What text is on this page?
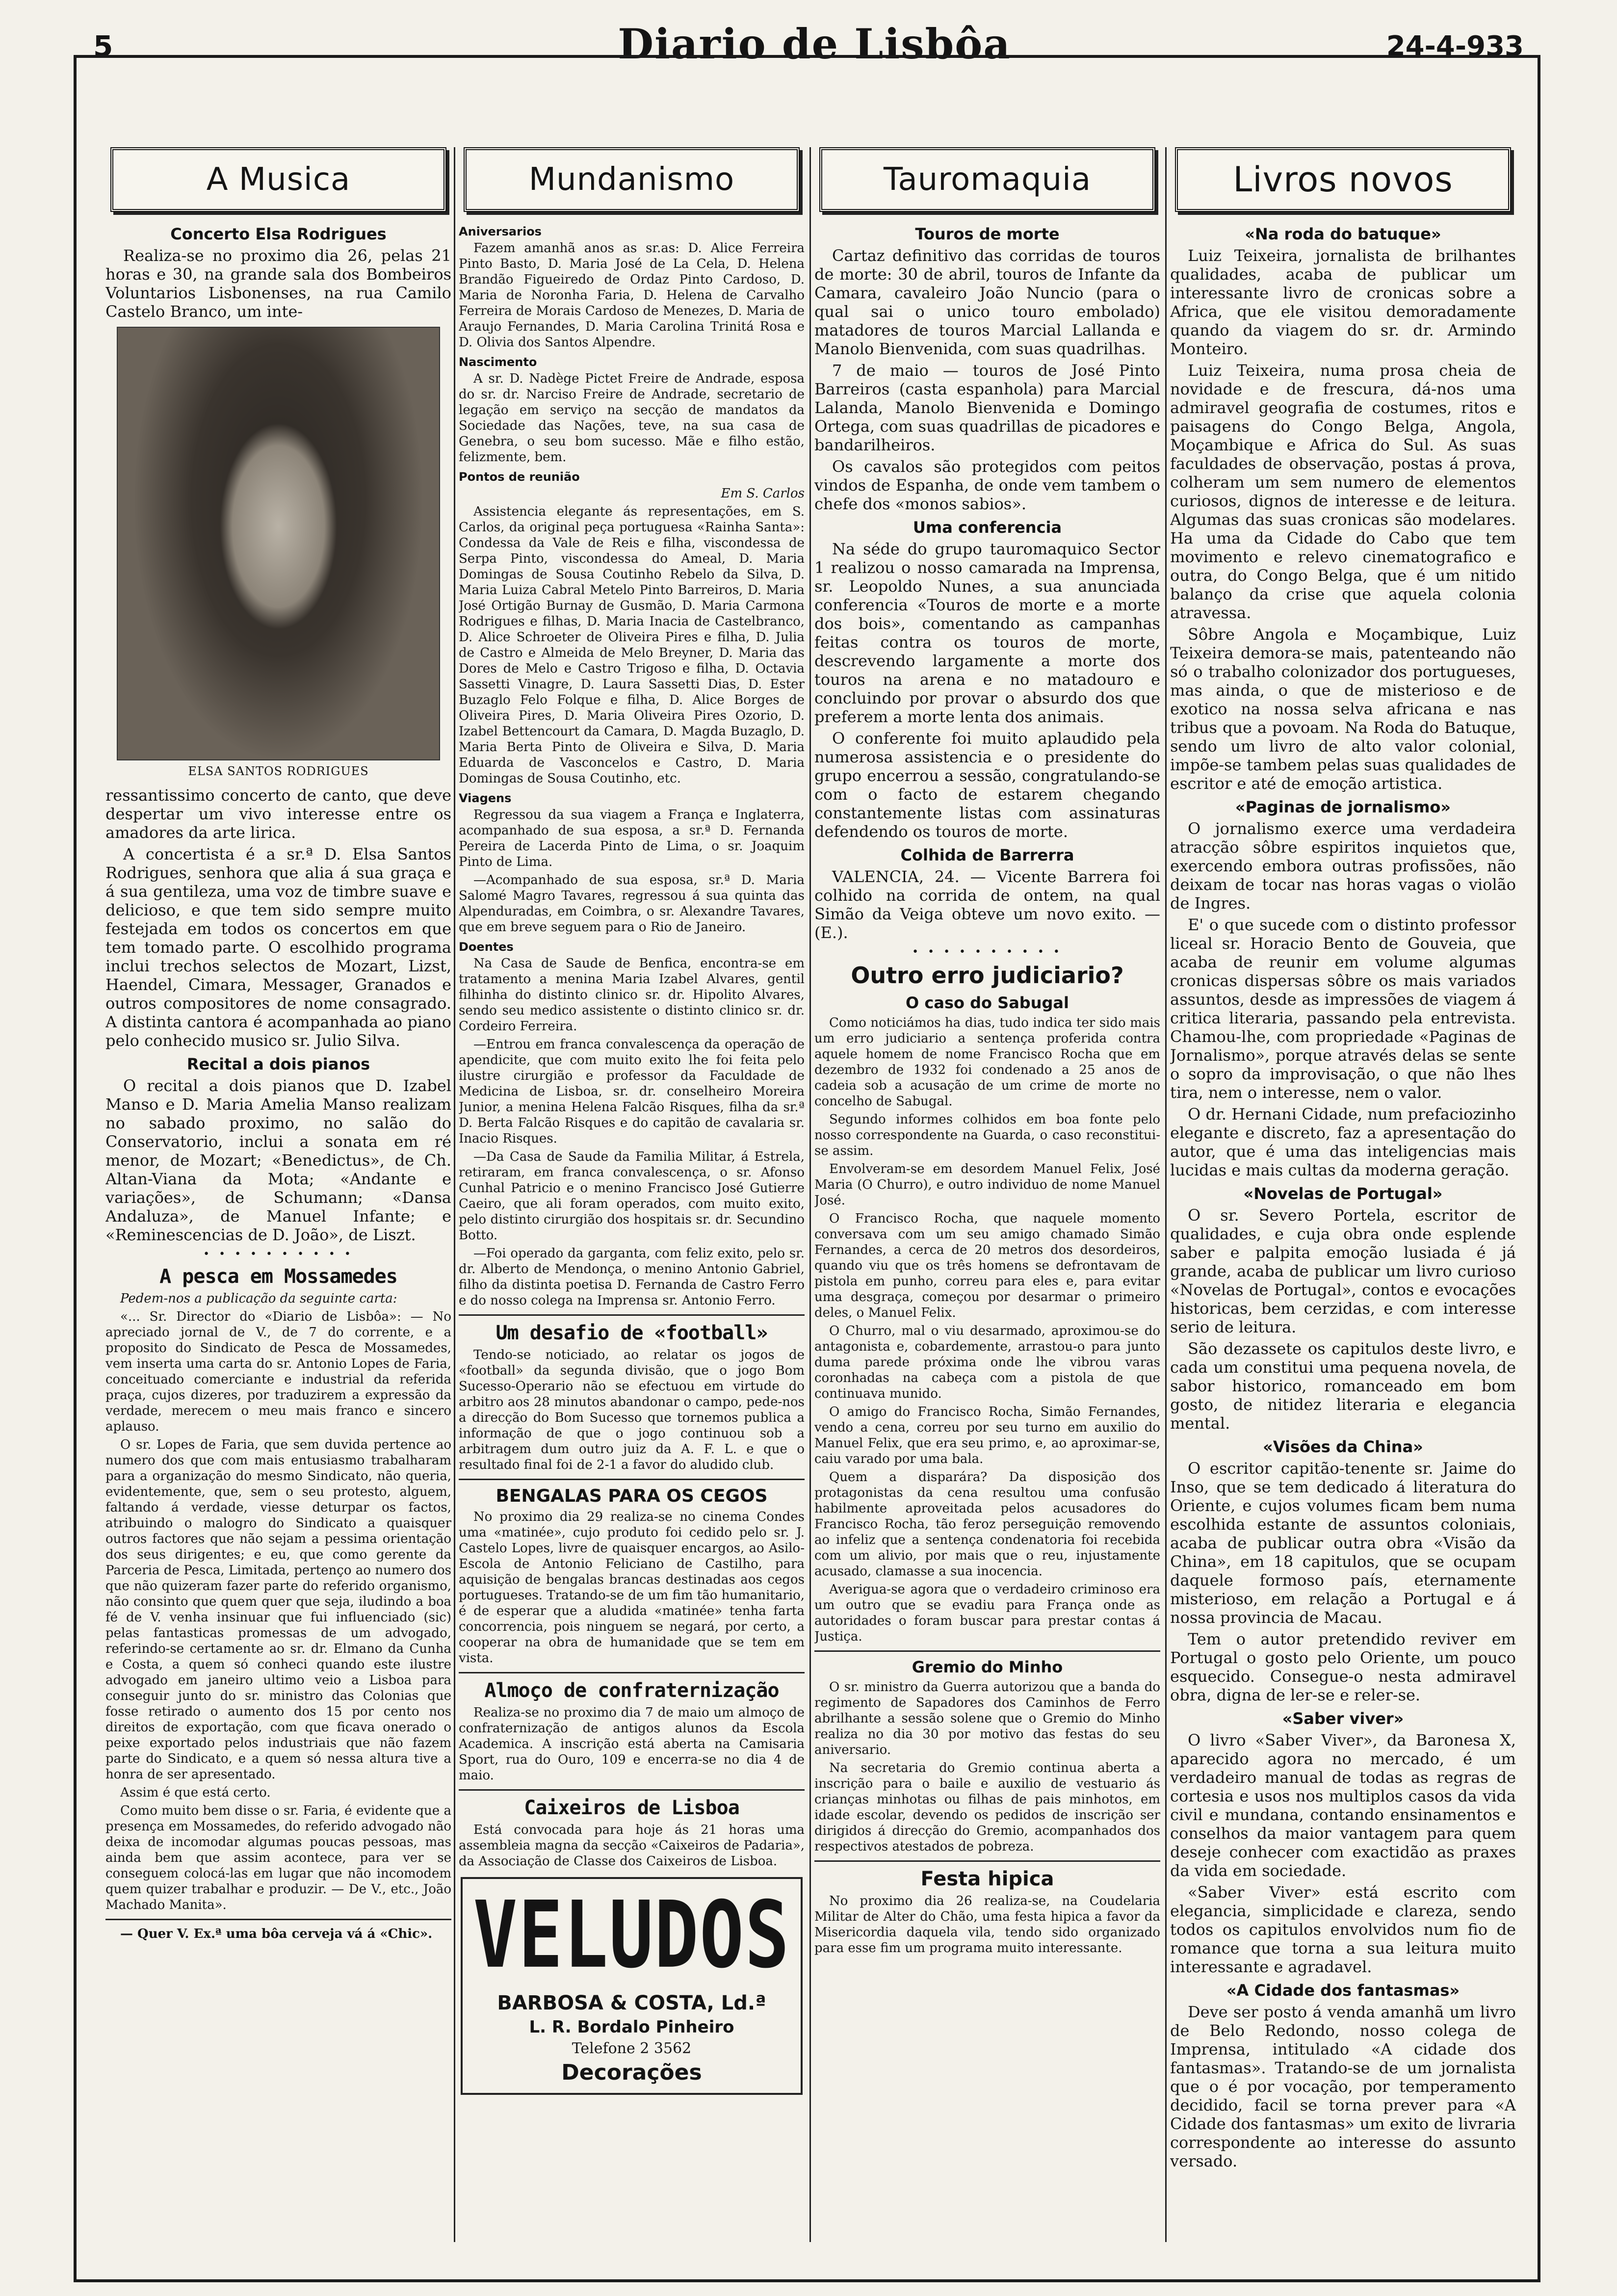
5	Diario de Lisbôa	24-4-933
A Musica
Concerto Elsa Rodrigues

Realiza-se no proximo dia 26, pelas 21 horas e 30, na grande sala dos Bombeiros Voluntarios Lisbonenses, na rua Camilo Castelo Branco, um inte-

ELSA SANTOS RODRIGUES

ressantissimo concerto de canto, que deve despertar um vivo interesse entre os amadores da arte lirica.

A concertista é a sr.ª D. Elsa Santos Rodrigues, senhora que alia á sua graça e á sua gentileza, uma voz de timbre suave e delicioso, e que tem sido sempre muito festejada em todos os concertos em que tem tomado parte. O escolhido programa inclui trechos selectos de Mozart, Lizst, Haendel, Cimara, Messager, Granados e outros compositores de nome consagrado. A distinta cantora é acompanhada ao piano pelo conhecido musico sr. Julio Silva.

Recital a dois pianos

O recital a dois pianos que D. Izabel Manso e D. Maria Amelia Manso realizam no sabado proximo, no salão do Conservatorio, inclui a sonata em ré menor, de Mozart; «Benedictus», de Ch. Altan-Viana da Mota; «Andante e variações», de Schumann; «Dansa Andaluza», de Manuel Infante; e «Reminescencias de D. João», de Liszt.

• • • • • • • • • •
A pesca em Mossamedes

Pedem-nos a publicação da seguinte carta:

«... Sr. Director do «Diario de Lisbôa»: — No apreciado jornal de V., de 7 do corrente, e a proposito do Sindicato de Pesca de Mossamedes, vem inserta uma carta do sr. Antonio Lopes de Faria, conceituado comerciante e industrial da referida praça, cujos dizeres, por traduzirem a expressão da verdade, merecem o meu mais franco e sincero aplauso.

O sr. Lopes de Faria, que sem duvida pertence ao numero dos que com mais entusiasmo trabalharam para a organização do mesmo Sindicato, não queria, evidentemente, que, sem o seu protesto, alguem, faltando á verdade, viesse deturpar os factos, atribuindo o malogro do Sindicato a quaisquer outros factores que não sejam a pessima orientação dos seus dirigentes; e eu, que como gerente da Parceria de Pesca, Limitada, pertenço ao numero dos que não quizeram fazer parte do referido organismo, não consinto que quem quer que seja, iludindo a boa fé de V. venha insinuar que fui influenciado (sic) pelas fantasticas promessas de um advogado, referindo-se certamente ao sr. dr. Elmano da Cunha e Costa, a quem só conheci quando este ilustre advogado em janeiro ultimo veio a Lisboa para conseguir junto do sr. ministro das Colonias que fosse retirado o aumento dos 15 por cento nos direitos de exportação, com que ficava onerado o peixe exportado pelos industriais que não fazem parte do Sindicato, e a quem só nessa altura tive a honra de ser apresentado.

Assim é que está certo.

Como muito bem disse o sr. Faria, é evidente que a presença em Mossamedes, do referido advogado não deixa de incomodar algumas poucas pessoas, mas ainda bem que assim acontece, para ver se conseguem colocá-las em lugar que não incomodem quem quizer trabalhar e produzir. — De V., etc., João Machado Manita».

— Quer V. Ex.ª uma bôa cerveja vá á «Chic».

Mundanismo
Aniversarios

Fazem amanhã anos as sr.as: D. Alice Ferreira Pinto Basto, D. Maria José de La Cela, D. Helena Brandão Figueiredo de Ordaz Pinto Cardoso, D. Maria de Noronha Faria, D. Helena de Carvalho Ferreira de Morais Cardoso de Menezes, D. Maria de Araujo Fernandes, D. Maria Carolina Trinitá Rosa e D. Olivia dos Santos Alpendre.

Nascimento

A sr. D. Nadège Pictet Freire de Andrade, esposa do sr. dr. Narciso Freire de Andrade, secretario de legação em serviço na secção de mandatos da Sociedade das Nações, teve, na sua casa de Genebra, o seu bom sucesso. Mãe e filho estão, felizmente, bem.

Pontos de reunião

Em S. Carlos

Assistencia elegante ás representações, em S. Carlos, da original peça portuguesa «Rainha Santa»: Condessa da Vale de Reis e filha, viscondessa de Serpa Pinto, viscondessa do Ameal, D. Maria Domingas de Sousa Coutinho Rebelo da Silva, D. Maria Luiza Cabral Metelo Pinto Barreiros, D. Maria José Ortigão Burnay de Gusmão, D. Maria Carmona Rodrigues e filhas, D. Maria Inacia de Castelbranco, D. Alice Schroeter de Oliveira Pires e filha, D. Julia de Castro e Almeida de Melo Breyner, D. Maria das Dores de Melo e Castro Trigoso e filha, D. Octavia Sassetti Vinagre, D. Laura Sassetti Dias, D. Ester Buzaglo Felo Folque e filha, D. Alice Borges de Oliveira Pires, D. Maria Oliveira Pires Ozorio, D. Izabel Bettencourt da Camara, D. Magda Buzaglo, D. Maria Berta Pinto de Oliveira e Silva, D. Maria Eduarda de Vasconcelos e Castro, D. Maria Domingas de Sousa Coutinho, etc.

Viagens

Regressou da sua viagem a França e Inglaterra, acompanhado de sua esposa, a sr.ª D. Fernanda Pereira de Lacerda Pinto de Lima, o sr. Joaquim Pinto de Lima.

—Acompanhado de sua esposa, sr.ª D. Maria Salomé Magro Tavares, regressou á sua quinta das Alpenduradas, em Coimbra, o sr. Alexandre Tavares, que em breve seguem para o Rio de Janeiro.

Doentes

Na Casa de Saude de Benfica, encontra-se em tratamento a menina Maria Izabel Alvares, gentil filhinha do distinto clinico sr. dr. Hipolito Alvares, sendo seu medico assistente o distinto clinico sr. dr. Cordeiro Ferreira.

—Entrou em franca convalescença da operação de apendicite, que com muito exito lhe foi feita pelo ilustre cirurgião e professor da Faculdade de Medicina de Lisboa, sr. dr. conselheiro Moreira Junior, a menina Helena Falcão Risques, filha da sr.ª D. Berta Falcão Risques e do capitão de cavalaria sr. Inacio Risques.

—Da Casa de Saude da Familia Militar, á Estrela, retiraram, em franca convalescença, o sr. Afonso Cunhal Patricio e o menino Francisco José Gutierre Caeiro, que ali foram operados, com muito exito, pelo distinto cirurgião dos hospitais sr. dr. Secundino Botto.

—Foi operado da garganta, com feliz exito, pelo sr. dr. Alberto de Mendonça, o menino Antonio Gabriel, filho da distinta poetisa D. Fernanda de Castro Ferro e do nosso colega na Imprensa sr. Antonio Ferro.

Um desafio de «football»

Tendo-se noticiado, ao relatar os jogos de «football» da segunda divisão, que o jogo Bom Sucesso-Operario não se efectuou em virtude do arbitro aos 28 minutos abandonar o campo, pede-nos a direcção do Bom Sucesso que tornemos publica a informação de que o jogo continuou sob a arbitragem dum outro juiz da A. F. L. e que o resultado final foi de 2-1 a favor do aludido club.

BENGALAS PARA OS CEGOS

No proximo dia 29 realiza-se no cinema Condes uma «matinée», cujo produto foi cedido pelo sr. J. Castelo Lopes, livre de quaisquer encargos, ao Asilo-Escola de Antonio Feliciano de Castilho, para aquisição de bengalas brancas destinadas aos cegos portugueses. Tratando-se de um fim tão humanitario, é de esperar que a aludida «matinée» tenha farta concorrencia, pois ninguem se negará, por certo, a cooperar na obra de humanidade que se tem em vista.

Almoço de confraternização

Realiza-se no proximo dia 7 de maio um almoço de confraternização de antigos alunos da Escola Academica. A inscrição está aberta na Camisaria Sport, rua do Ouro, 109 e encerra-se no dia 4 de maio.

Caixeiros de Lisboa

Está convocada para hoje ás 21 horas uma assembleia magna da secção «Caixeiros de Padaria», da Associação de Classe dos Caixeiros de Lisboa.

VELUDOS
BARBOSA & COSTA, Ld.ª
L. R. Bordalo Pinheiro
Telefone 2 3562
Decorações
Tauromaquia
Touros de morte

Cartaz definitivo das corridas de touros de morte: 30 de abril, touros de Infante da Camara, cavaleiro João Nuncio (para o qual sai o unico touro embolado) matadores de touros Marcial Lallanda e Manolo Bienvenida, com suas quadrilhas.

7 de maio — touros de José Pinto Barreiros (casta espanhola) para Marcial Lalanda, Manolo Bienvenida e Domingo Ortega, com suas quadrillas de picadores e bandarilheiros.

Os cavalos são protegidos com peitos vindos de Espanha, de onde vem tambem o chefe dos «monos sabios».

Uma conferencia

Na séde do grupo tauromaquico Sector 1 realizou o nosso camarada na Imprensa, sr. Leopoldo Nunes, a sua anunciada conferencia «Touros de morte e a morte dos bois», comentando as campanhas feitas contra os touros de morte, descrevendo largamente a morte dos touros na arena e no matadouro e concluindo por provar o absurdo dos que preferem a morte lenta dos animais.

O conferente foi muito aplaudido pela numerosa assistencia e o presidente do grupo encerrou a sessão, congratulando-se com o facto de estarem chegando constantemente listas com assinaturas defendendo os touros de morte.

Colhida de Barrerra

VALENCIA, 24. — Vicente Barrera foi colhido na corrida de ontem, na qual Simão da Veiga obteve um novo exito. — (E.).

• • • • • • • • • •
Outro erro judiciario?
O caso do Sabugal

Como noticiámos ha dias, tudo indica ter sido mais um erro judiciario a sentença proferida contra aquele homem de nome Francisco Rocha que em dezembro de 1932 foi condenado a 25 anos de cadeia sob a acusação de um crime de morte no concelho de Sabugal.

Segundo informes colhidos em boa fonte pelo nosso correspondente na Guarda, o caso reconstitui-se assim.

Envolveram-se em desordem Manuel Felix, José Maria (O Churro), e outro individuo de nome Manuel José.

O Francisco Rocha, que naquele momento conversava com um seu amigo chamado Simão Fernandes, a cerca de 20 metros dos desordeiros, quando viu que os três homens se defrontavam de pistola em punho, correu para eles e, para evitar uma desgraça, começou por desarmar o primeiro deles, o Manuel Felix.

O Churro, mal o viu desarmado, aproximou-se do antagonista e, cobardemente, arrastou-o para junto duma parede próxima onde lhe vibrou varas coronhadas na cabeça com a pistola de que continuava munido.

O amigo do Francisco Rocha, Simão Fernandes, vendo a cena, correu por seu turno em auxilio do Manuel Felix, que era seu primo, e, ao aproximar-se, caiu varado por uma bala.

Quem a disparára? Da disposição dos protagonistas da cena resultou uma confusão habilmente aproveitada pelos acusadores do Francisco Rocha, tão feroz perseguição removendo ao infeliz que a sentença condenatoria foi recebida com um alivio, por mais que o reu, injustamente acusado, clamasse a sua inocencia.

Averigua-se agora que o verdadeiro criminoso era um outro que se evadiu para França onde as autoridades o foram buscar para prestar contas á Justiça.

Gremio do Minho

O sr. ministro da Guerra autorizou que a banda do regimento de Sapadores dos Caminhos de Ferro abrilhante a sessão solene que o Gremio do Minho realiza no dia 30 por motivo das festas do seu aniversario.

Na secretaria do Gremio continua aberta a inscrição para o baile e auxilio de vestuario ás crianças minhotas ou filhas de pais minhotos, em idade escolar, devendo os pedidos de inscrição ser dirigidos á direcção do Gremio, acompanhados dos respectivos atestados de pobreza.

Festa hipica

No proximo dia 26 realiza-se, na Coudelaria Militar de Alter do Chão, uma festa hipica a favor da Misericordia daquela vila, tendo sido organizado para esse fim um programa muito interessante.

Livros novos
«Na roda do batuque»

Luiz Teixeira, jornalista de brilhantes qualidades, acaba de publicar um interessante livro de cronicas sobre a Africa, que ele visitou demoradamente quando da viagem do sr. dr. Armindo Monteiro.

Luiz Teixeira, numa prosa cheia de novidade e de frescura, dá-nos uma admiravel geografia de costumes, ritos e paisagens do Congo Belga, Angola, Moçambique e Africa do Sul. As suas faculdades de observação, postas á prova, colheram um sem numero de elementos curiosos, dignos de interesse e de leitura. Algumas das suas cronicas são modelares. Ha uma da Cidade do Cabo que tem movimento e relevo cinematografico e outra, do Congo Belga, que é um nitido balanço da crise que aquela colonia atravessa.

Sôbre Angola e Moçambique, Luiz Teixeira demora-se mais, patenteando não só o trabalho colonizador dos portugueses, mas ainda, o que de misterioso e de exotico na nossa selva africana e nas tribus que a povoam. Na Roda do Batuque, sendo um livro de alto valor colonial, impõe-se tambem pelas suas qualidades de escritor e até de emoção artistica.

«Paginas de jornalismo»

O jornalismo exerce uma verdadeira atracção sôbre espiritos inquietos que, exercendo embora outras profissões, não deixam de tocar nas horas vagas o violão de Ingres.

E' o que sucede com o distinto professor liceal sr. Horacio Bento de Gouveia, que acaba de reunir em volume algumas cronicas dispersas sôbre os mais variados assuntos, desde as impressões de viagem á critica literaria, passando pela entrevista. Chamou-lhe, com propriedade «Paginas de Jornalismo», porque através delas se sente o sopro da improvisação, o que não lhes tira, nem o interesse, nem o valor.

O dr. Hernani Cidade, num prefaciozinho elegante e discreto, faz a apresentação do autor, que é uma das inteligencias mais lucidas e mais cultas da moderna geração.

«Novelas de Portugal»

O sr. Severo Portela, escritor de qualidades, e cuja obra onde esplende saber e palpita emoção lusiada é já grande, acaba de publicar um livro curioso «Novelas de Portugal», contos e evocações historicas, bem cerzidas, e com interesse serio de leitura.

São dezassete os capitulos deste livro, e cada um constitui uma pequena novela, de sabor historico, romanceado em bom gosto, de nitidez literaria e elegancia mental.

«Visões da China»

O escritor capitão-tenente sr. Jaime do Inso, que se tem dedicado á literatura do Oriente, e cujos volumes ficam bem numa escolhida estante de assuntos coloniais, acaba de publicar outra obra «Visão da China», em 18 capitulos, que se ocupam daquele formoso país, eternamente misterioso, em relação a Portugal e á nossa provincia de Macau.

Tem o autor pretendido reviver em Portugal o gosto pelo Oriente, um pouco esquecido. Consegue-o nesta admiravel obra, digna de ler-se e reler-se.

«Saber viver»

O livro «Saber Viver», da Baronesa X, aparecido agora no mercado, é um verdadeiro manual de todas as regras de cortesia e usos nos multiplos casos da vida civil e mundana, contando ensinamentos e conselhos da maior vantagem para quem deseje conhecer com exactidão as praxes da vida em sociedade.

«Saber Viver» está escrito com elegancia, simplicidade e clareza, sendo todos os capitulos envolvidos num fio de romance que torna a sua leitura muito interessante e agradavel.

«A Cidade dos fantasmas»

Deve ser posto á venda amanhã um livro de Belo Redondo, nosso colega de Imprensa, intitulado «A cidade dos fantasmas». Tratando-se de um jornalista que o é por vocação, por temperamento decidido, facil se torna prever para «A Cidade dos fantasmas» um exito de livraria correspondente ao interesse do assunto versado.
